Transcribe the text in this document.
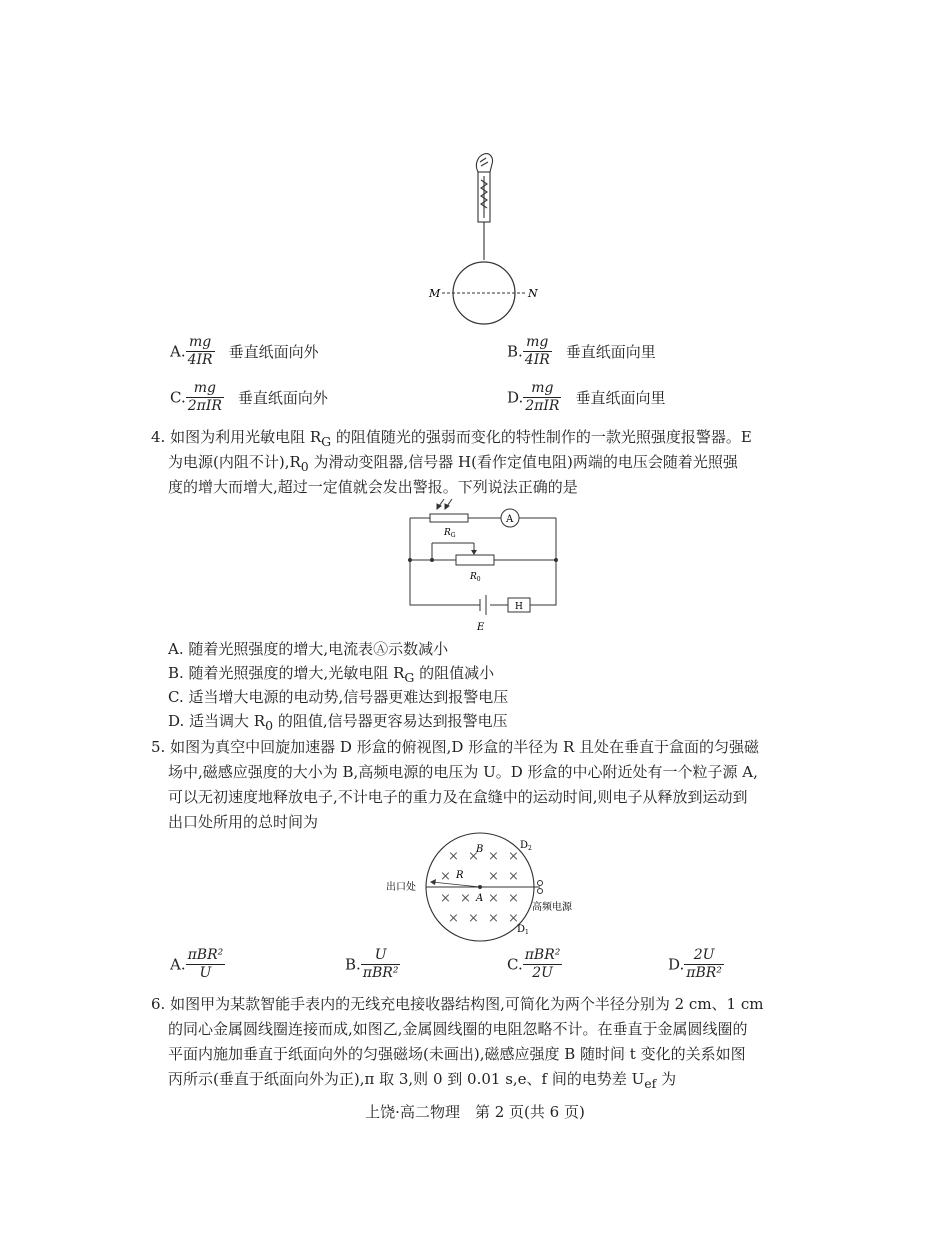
M	N
A. $\frac{mg}{4IR}$ 垂直纸面向外	B. $\frac{mg}{4IR}$ 垂直纸面向里
C. $\frac{mg}{\text{2πIR}}$ 垂直纸面向外	D. $\frac{mg}{\text{2πIR}}$ 垂直纸面向里
4. 如图为利用光敏电阻 $R_G$ 的阻值随光的强弱而变化的特性制作的一款光照强度报警器。E
为电源(内阻不计)$,R_0$ 为滑动变阻器,信号器 H(看作定值电阻)两端的电压会随着光照强
度的增大而增大,超过一定值就会发出警报。下列说法正确的是
A
$R_G$
$R_0$
H
E
A. 随着光照强度的增大,电流表Ⓐ示数减小
B. 随着光照强度的增大,光敏电阻 $R_G$ 的阻值减小
C. 适当增大电源的电动势,信号器更难达到报警电压
D. 适当调大 $R_0$ 的阻值,信号器更容易达到报警电压
5. 如图为真空中回旋加速器 D 形盒的俯视图,D 形盒的半径为 R 且处在垂直于盒面的匀强磁
场中,磁感应强度的大小为 B,高频电源的电压为 U。D 形盒的中心附近处有一个粒子源 A,
可以无初速度地释放电子,不计电子的重力及在盒缝中的运动时间,则电子从释放到运动到
出口处所用的总时间为
× × × ×
×	× ×
× × × ×
× × × ×
B
R
A
$D_2$
$D_1$
出口处
高频电源
A. $\frac{\text{πBR²}}{U}$	B. $\frac{U}{\text{πBR²}}$	C. $\frac{\text{πBR²}}{2U}$	D. $\frac{2U}{\text{πBR²}}$
6. 如图甲为某款智能手表内的无线充电接收器结构图,可简化为两个半径分别为 2 cm、1 cm
的同心金属圆线圈连接而成,如图乙,金属圆线圈的电阻忽略不计。在垂直于金属圆线圈的
平面内施加垂直于纸面向外的匀强磁场(未画出),磁感应强度 B 随时间 t 变化的关系如图
丙所示(垂直于纸面向外为正),π 取 3,则 0 到 0.01 s,e、f 间的电势差 $U_{ef}$ 为
上饶·高二物理　第 2 页(共 6 页)
